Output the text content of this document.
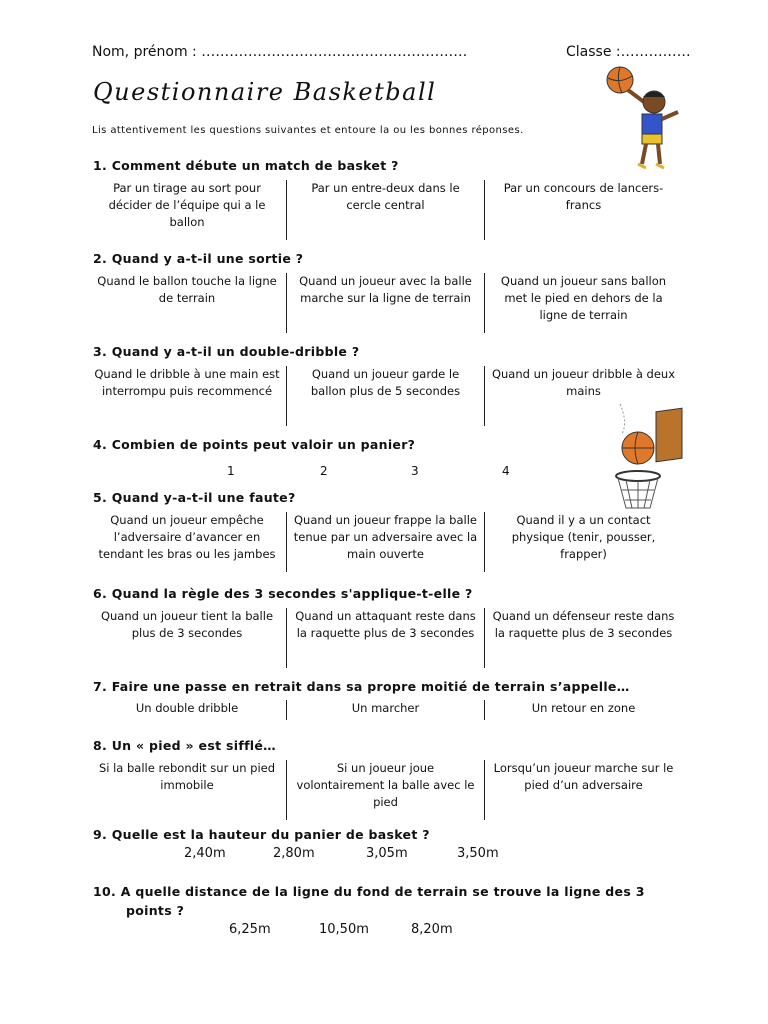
Nom, prénom : …………………………………………………	Classe :……………
Questionnaire Basketball
Lis attentivement les questions suivantes et entoure la ou les bonnes réponses.
1. Comment débute un match de basket ?
Par un tirage au sort pour décider de l’équipe qui a le ballon
Par un entre-deux dans le cercle central
Par un concours de lancers-francs
2. Quand y a-t-il une sortie ?
Quand le ballon touche la ligne de terrain
Quand un joueur avec la balle marche sur la ligne de terrain
Quand un joueur sans ballon met le pied en dehors de la ligne de terrain
3. Quand y a-t-il un double-dribble ?
Quand le dribble à une main est interrompu puis recommencé
Quand un joueur garde le ballon plus de 5 secondes
Quand un joueur dribble à deux mains
4. Combien de points peut valoir un panier?
1	2	3	4
5. Quand y-a-t-il une faute?
Quand un joueur empêche l’adversaire d’avancer en tendant les bras ou les jambes
Quand un joueur frappe la balle tenue par un adversaire avec la main ouverte
Quand il y a un contact physique (tenir, pousser, frapper)
6. Quand la règle des 3 secondes s'applique-t-elle ?
Quand un joueur tient la balle plus de 3 secondes
Quand un attaquant reste dans la raquette plus de 3 secondes
Quand un défenseur reste dans la raquette plus de 3 secondes
7. Faire une passe en retrait dans sa propre moitié de terrain s’appelle…
Un double dribble	Un marcher	Un retour en zone
8. Un « pied » est sifflé…
Si la balle rebondit sur un pied immobile
Si un joueur joue volontairement la balle avec le pied
Lorsqu’un joueur marche sur le pied d’un adversaire
9. Quelle est la hauteur du panier de basket ?
2,40m	2,80m	3,05m	3,50m
10. A quelle distance de la ligne du fond de terrain se trouve la ligne des 3
points ?
6,25m	10,50m	8,20m
